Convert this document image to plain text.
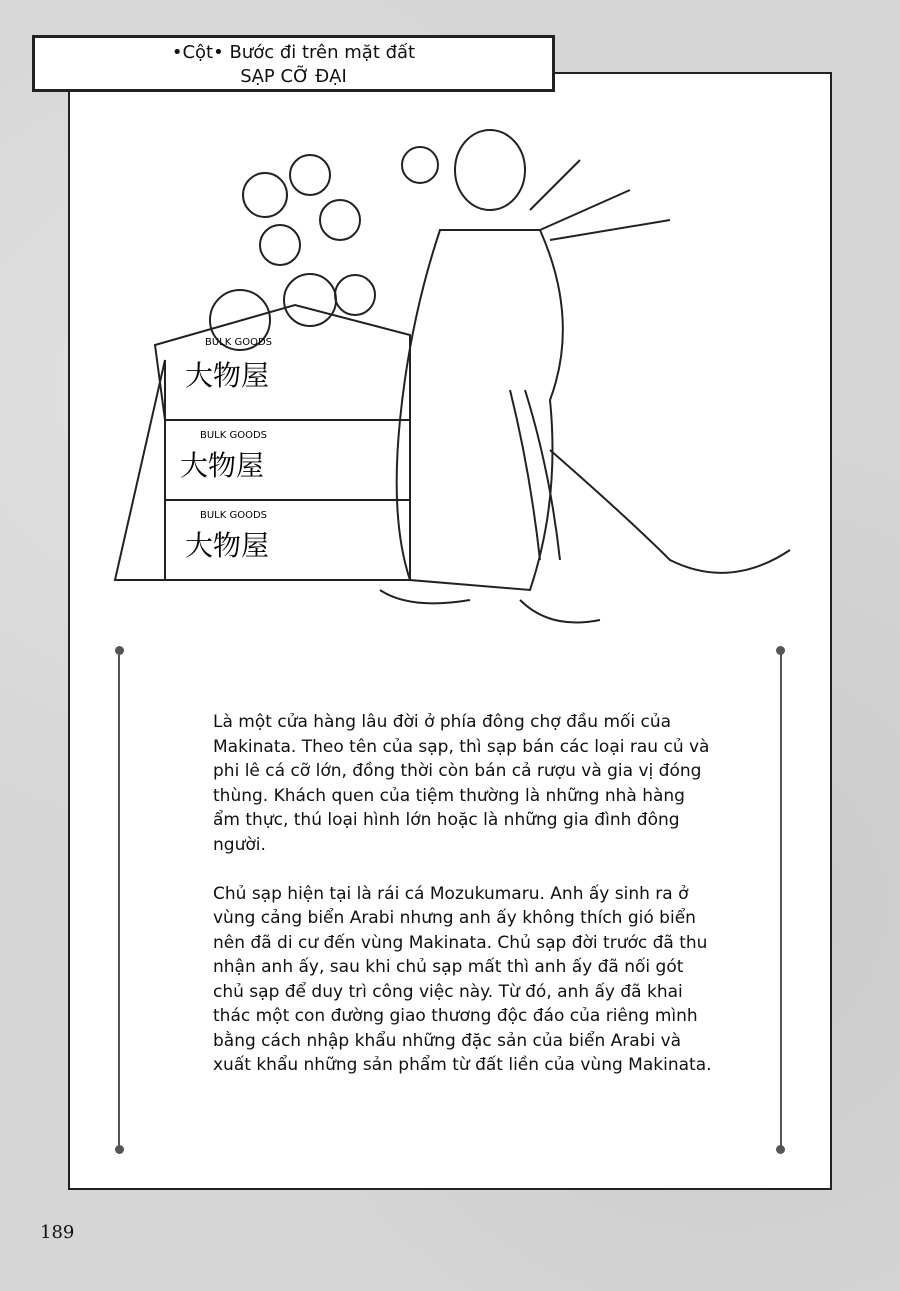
•Cột• Bước đi trên mặt đất
SẠP CỠ ĐẠI
BULK GOODS
大物屋
BULK GOODS
大物屋
BULK GOODS
大物屋

Là một cửa hàng lâu đời ở phía đông chợ đầu mối của Makinata. Theo tên của sạp, thì sạp bán các loại rau củ và phi lê cá cỡ lớn, đồng thời còn bán cả rượu và gia vị đóng thùng. Khách quen của tiệm thường là những nhà hàng ẩm thực, thú loại hình lớn hoặc là những gia đình đông người.

Chủ sạp hiện tại là rái cá Mozukumaru. Anh ấy sinh ra ở vùng cảng biển Arabi nhưng anh ấy không thích gió biển nên đã di cư đến vùng Makinata. Chủ sạp đời trước đã thu nhận anh ấy, sau khi chủ sạp mất thì anh ấy đã nối gót chủ sạp để duy trì công việc này. Từ đó, anh ấy đã khai thác một con đường giao thương độc đáo của riêng mình bằng cách nhập khẩu những đặc sản của biển Arabi và xuất khẩu những sản phẩm từ đất liền của vùng Makinata.

189
